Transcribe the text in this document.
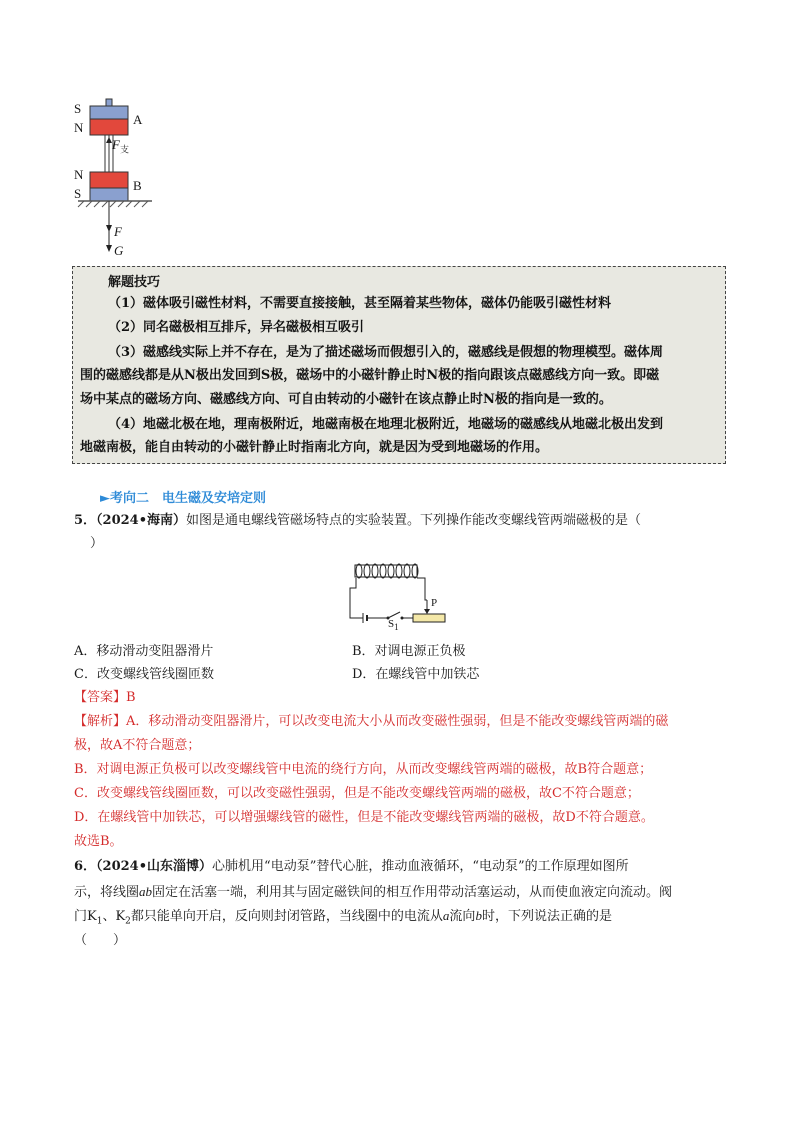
S
N
A
$F_支$
N
S
B
F
G
解题技巧
（1）磁体吸引磁性材料，不需要直接接触，甚至隔着某些物体，磁体仍能吸引磁性材料
（2）同名磁极相互排斥，异名磁极相互吸引
（3）磁感线实际上并不存在，是为了描述磁场而假想引入的，磁感线是假想的物理模型。磁体周
围的磁感线都是从N极出发回到S极，磁场中的小磁针静止时N极的指向跟该点磁感线方向一致。即磁
场中某点的磁场方向、磁感线方向、可自由转动的小磁针在该点静止时N极的指向是一致的。
（4）地磁北极在地，理南极附近，地磁南极在地理北极附近，地磁场的磁感线从地磁北极出发到
地磁南极，能自由转动的小磁针静止时指南北方向，就是因为受到地磁场的作用。
►考向二　电生磁及安培定则
5．（2024•海南）如图是通电螺线管磁场特点的实验装置。下列操作能改变螺线管两端磁极的是（
）
P
$S_1$
A．移动滑动变阻器滑片	B．对调电源正负极
C．改变螺线管线圈匝数	D．在螺线管中加铁芯
【答案】B
【解析】A．移动滑动变阻器滑片，可以改变电流大小从而改变磁性强弱，但是不能改变螺线管两端的磁
极，故A不符合题意；
B．对调电源正负极可以改变螺线管中电流的绕行方向，从而改变螺线管两端的磁极，故B符合题意；
C．改变螺线管线圈匝数，可以改变磁性强弱，但是不能改变螺线管两端的磁极，故C不符合题意；
D．在螺线管中加铁芯，可以增强螺线管的磁性，但是不能改变螺线管两端的磁极，故D不符合题意。
故选B。
6．（2024•山东淄博）心肺机用“电动泵”替代心脏，推动血液循环，“电动泵”的工作原理如图所
示，将线圈ab固定在活塞一端，利用其与固定磁铁间的相互作用带动活塞运动，从而使血液定向流动。阀
门$K_1$、$K_2$都只能单向开启，反向则封闭管路，当线圈中的电流从a流向b时，下列说法正确的是
（　　）
